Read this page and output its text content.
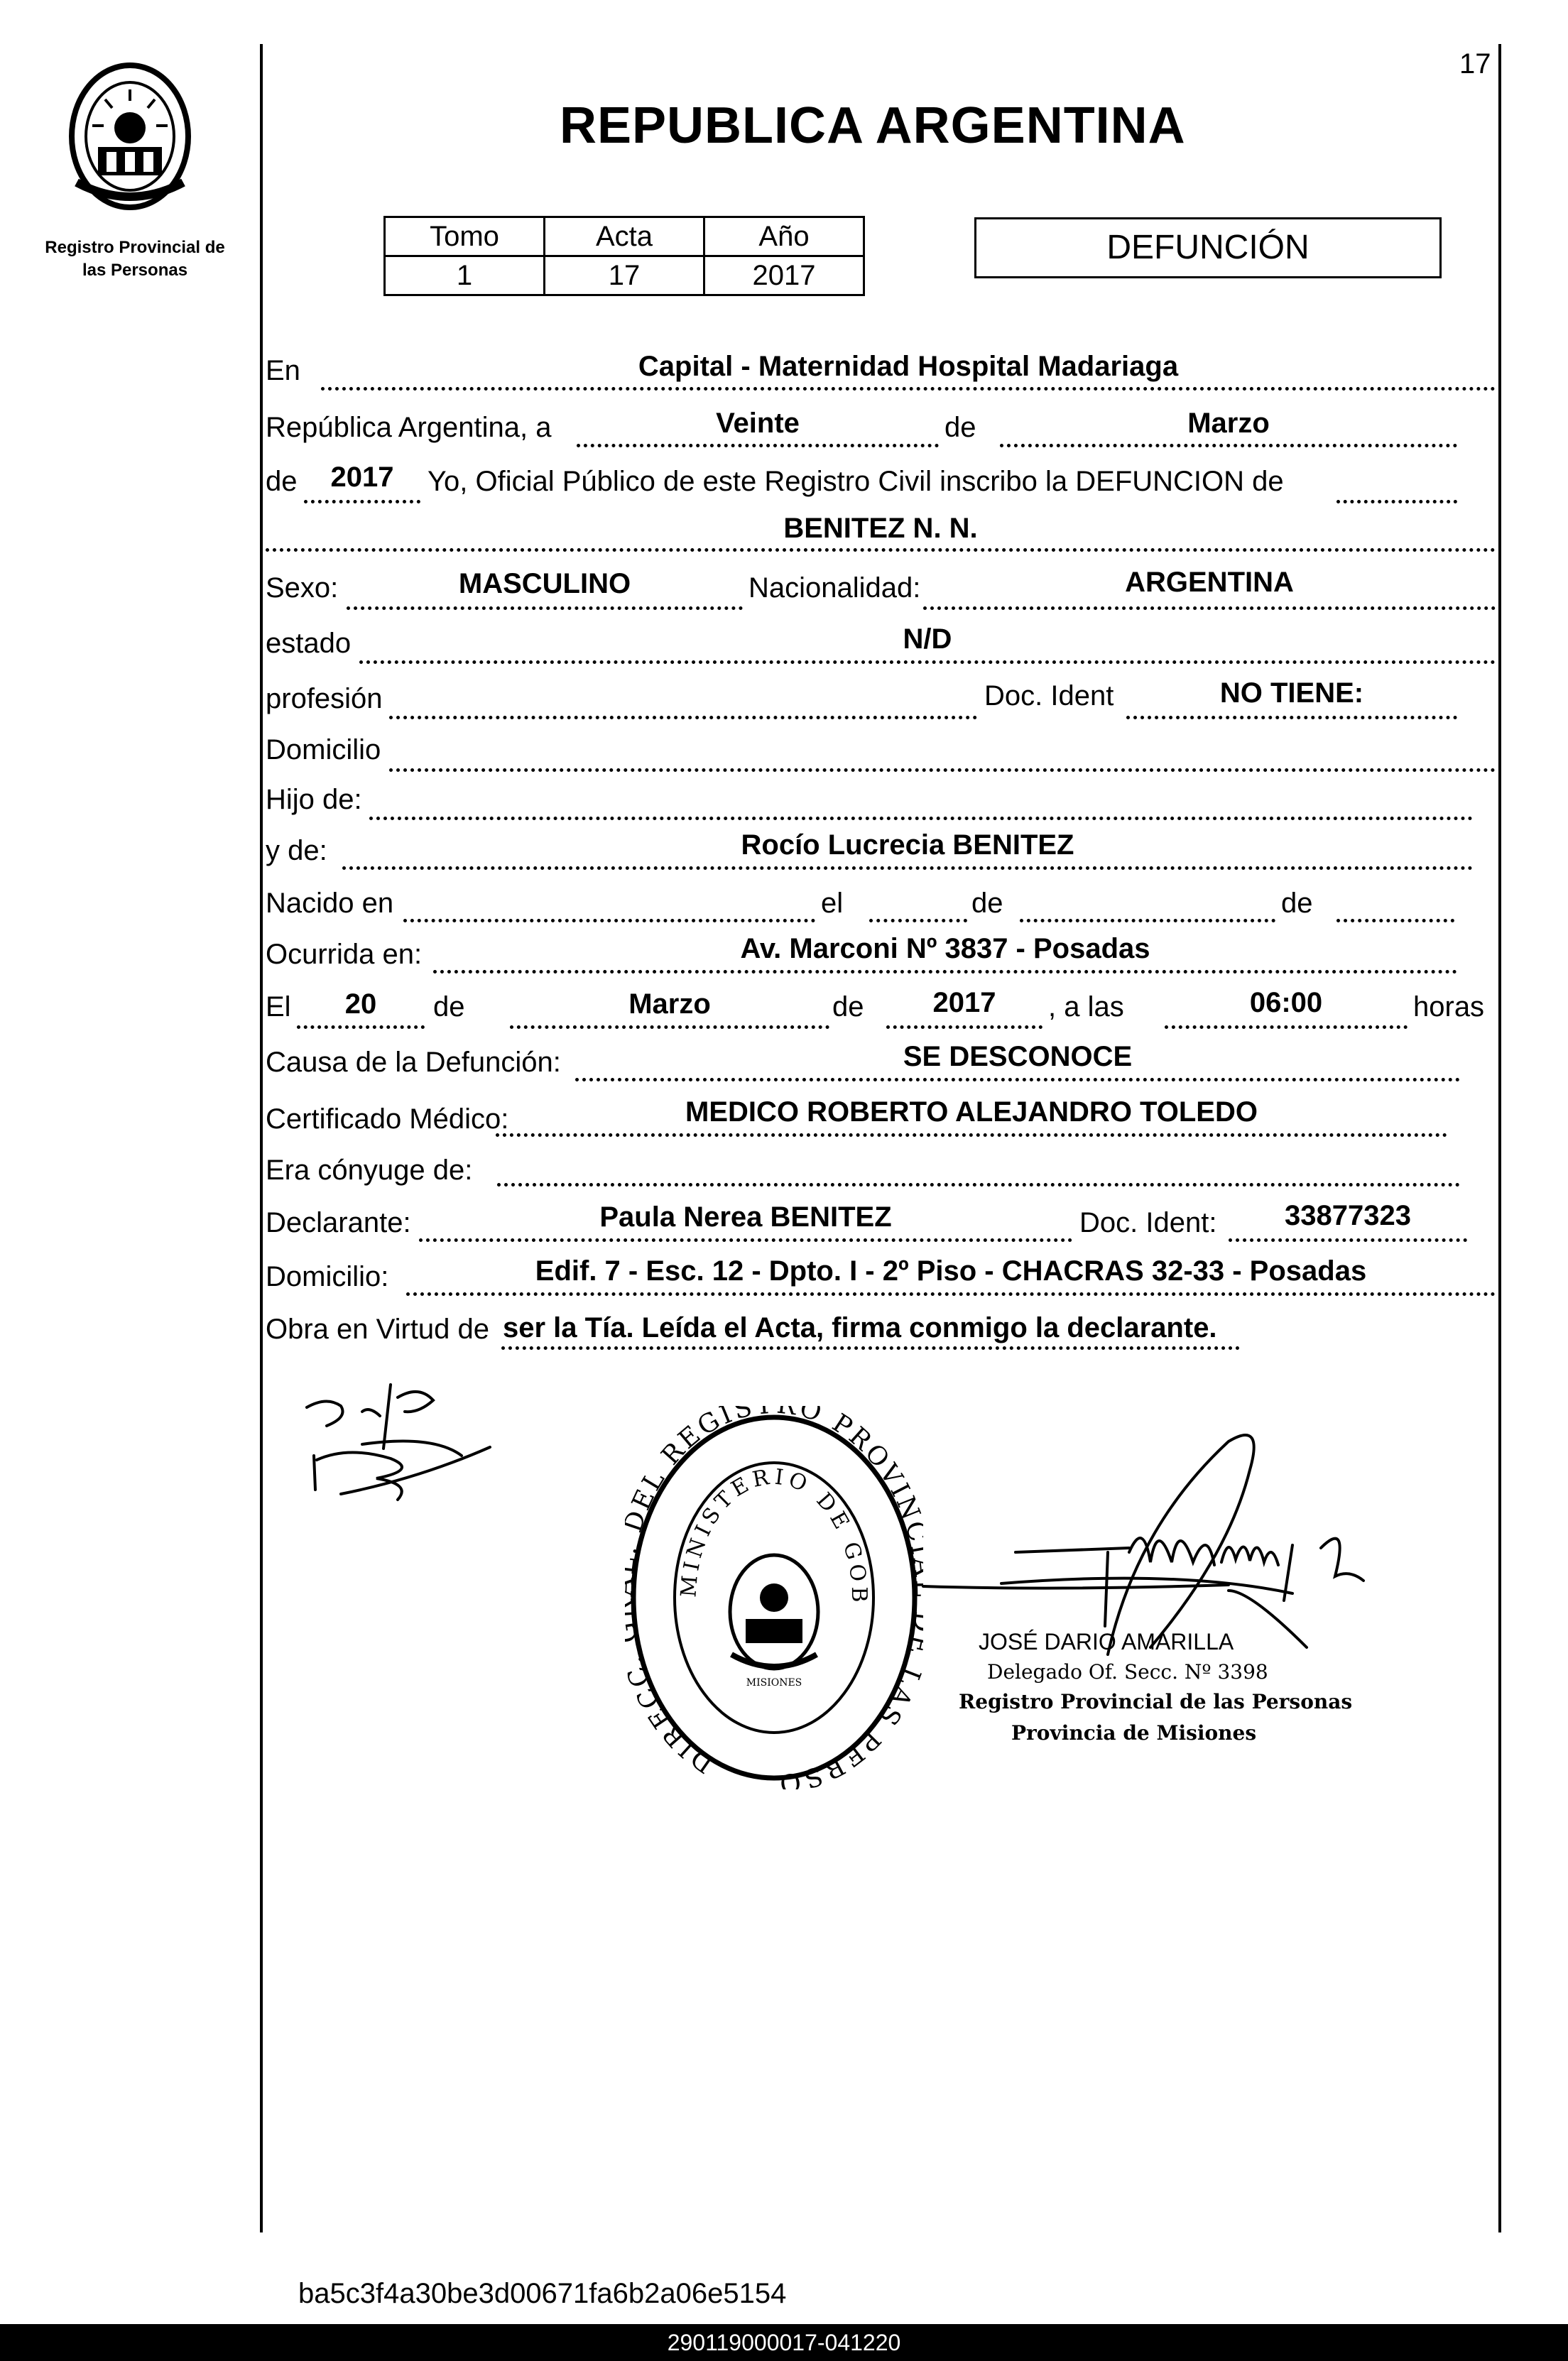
17
Registro Provincial de
las Personas
REPUBLICA ARGENTINA
Tomo	Acta	Año
1	17	2017
DEFUNCIÓN
En	Capital - Maternidad Hospital Madariaga
República Argentina, a	Veinte	de	Marzo
de	2017	Yo, Oficial Público de este Registro Civil inscribo la DEFUNCION de
BENITEZ N. N.
Sexo:	MASCULINO	Nacionalidad:	ARGENTINA
estado	N/D
profesión	Doc. Ident	NO TIENE:
Domicilio
Hijo de:
y de:	Rocío Lucrecia BENITEZ
Nacido en	el	de	de
Ocurrida en:	Av. Marconi Nº 3837 - Posadas
El	20	de	Marzo	de	2017	, a las	06:00	horas
Causa de la Defunción:	SE DESCONOCE
Certificado Médico:	MEDICO ROBERTO ALEJANDRO TOLEDO
Era cónyuge de:
Declarante:	Paula Nerea BENITEZ	Doc. Ident:	33877323
Domicilio:	Edif. 7 - Esc. 12 - Dpto. I - 2º Piso - CHACRAS 32-33 - Posadas
Obra en Virtud de ser la Tía. Leída el Acta, firma conmigo la declarante.
DIREC EL REGIS O PROVIN LAS PERSO
MINISTERIO DE GOB
MISIONES
JOSÉ DARIO AMARILLA
Delegado Of. Secc. Nº 3398
Registro Provincial de las Personas
Provincia de Misiones
ba5c3f4a30be3d00671fa6b2a06e5154
290119000017-041220
